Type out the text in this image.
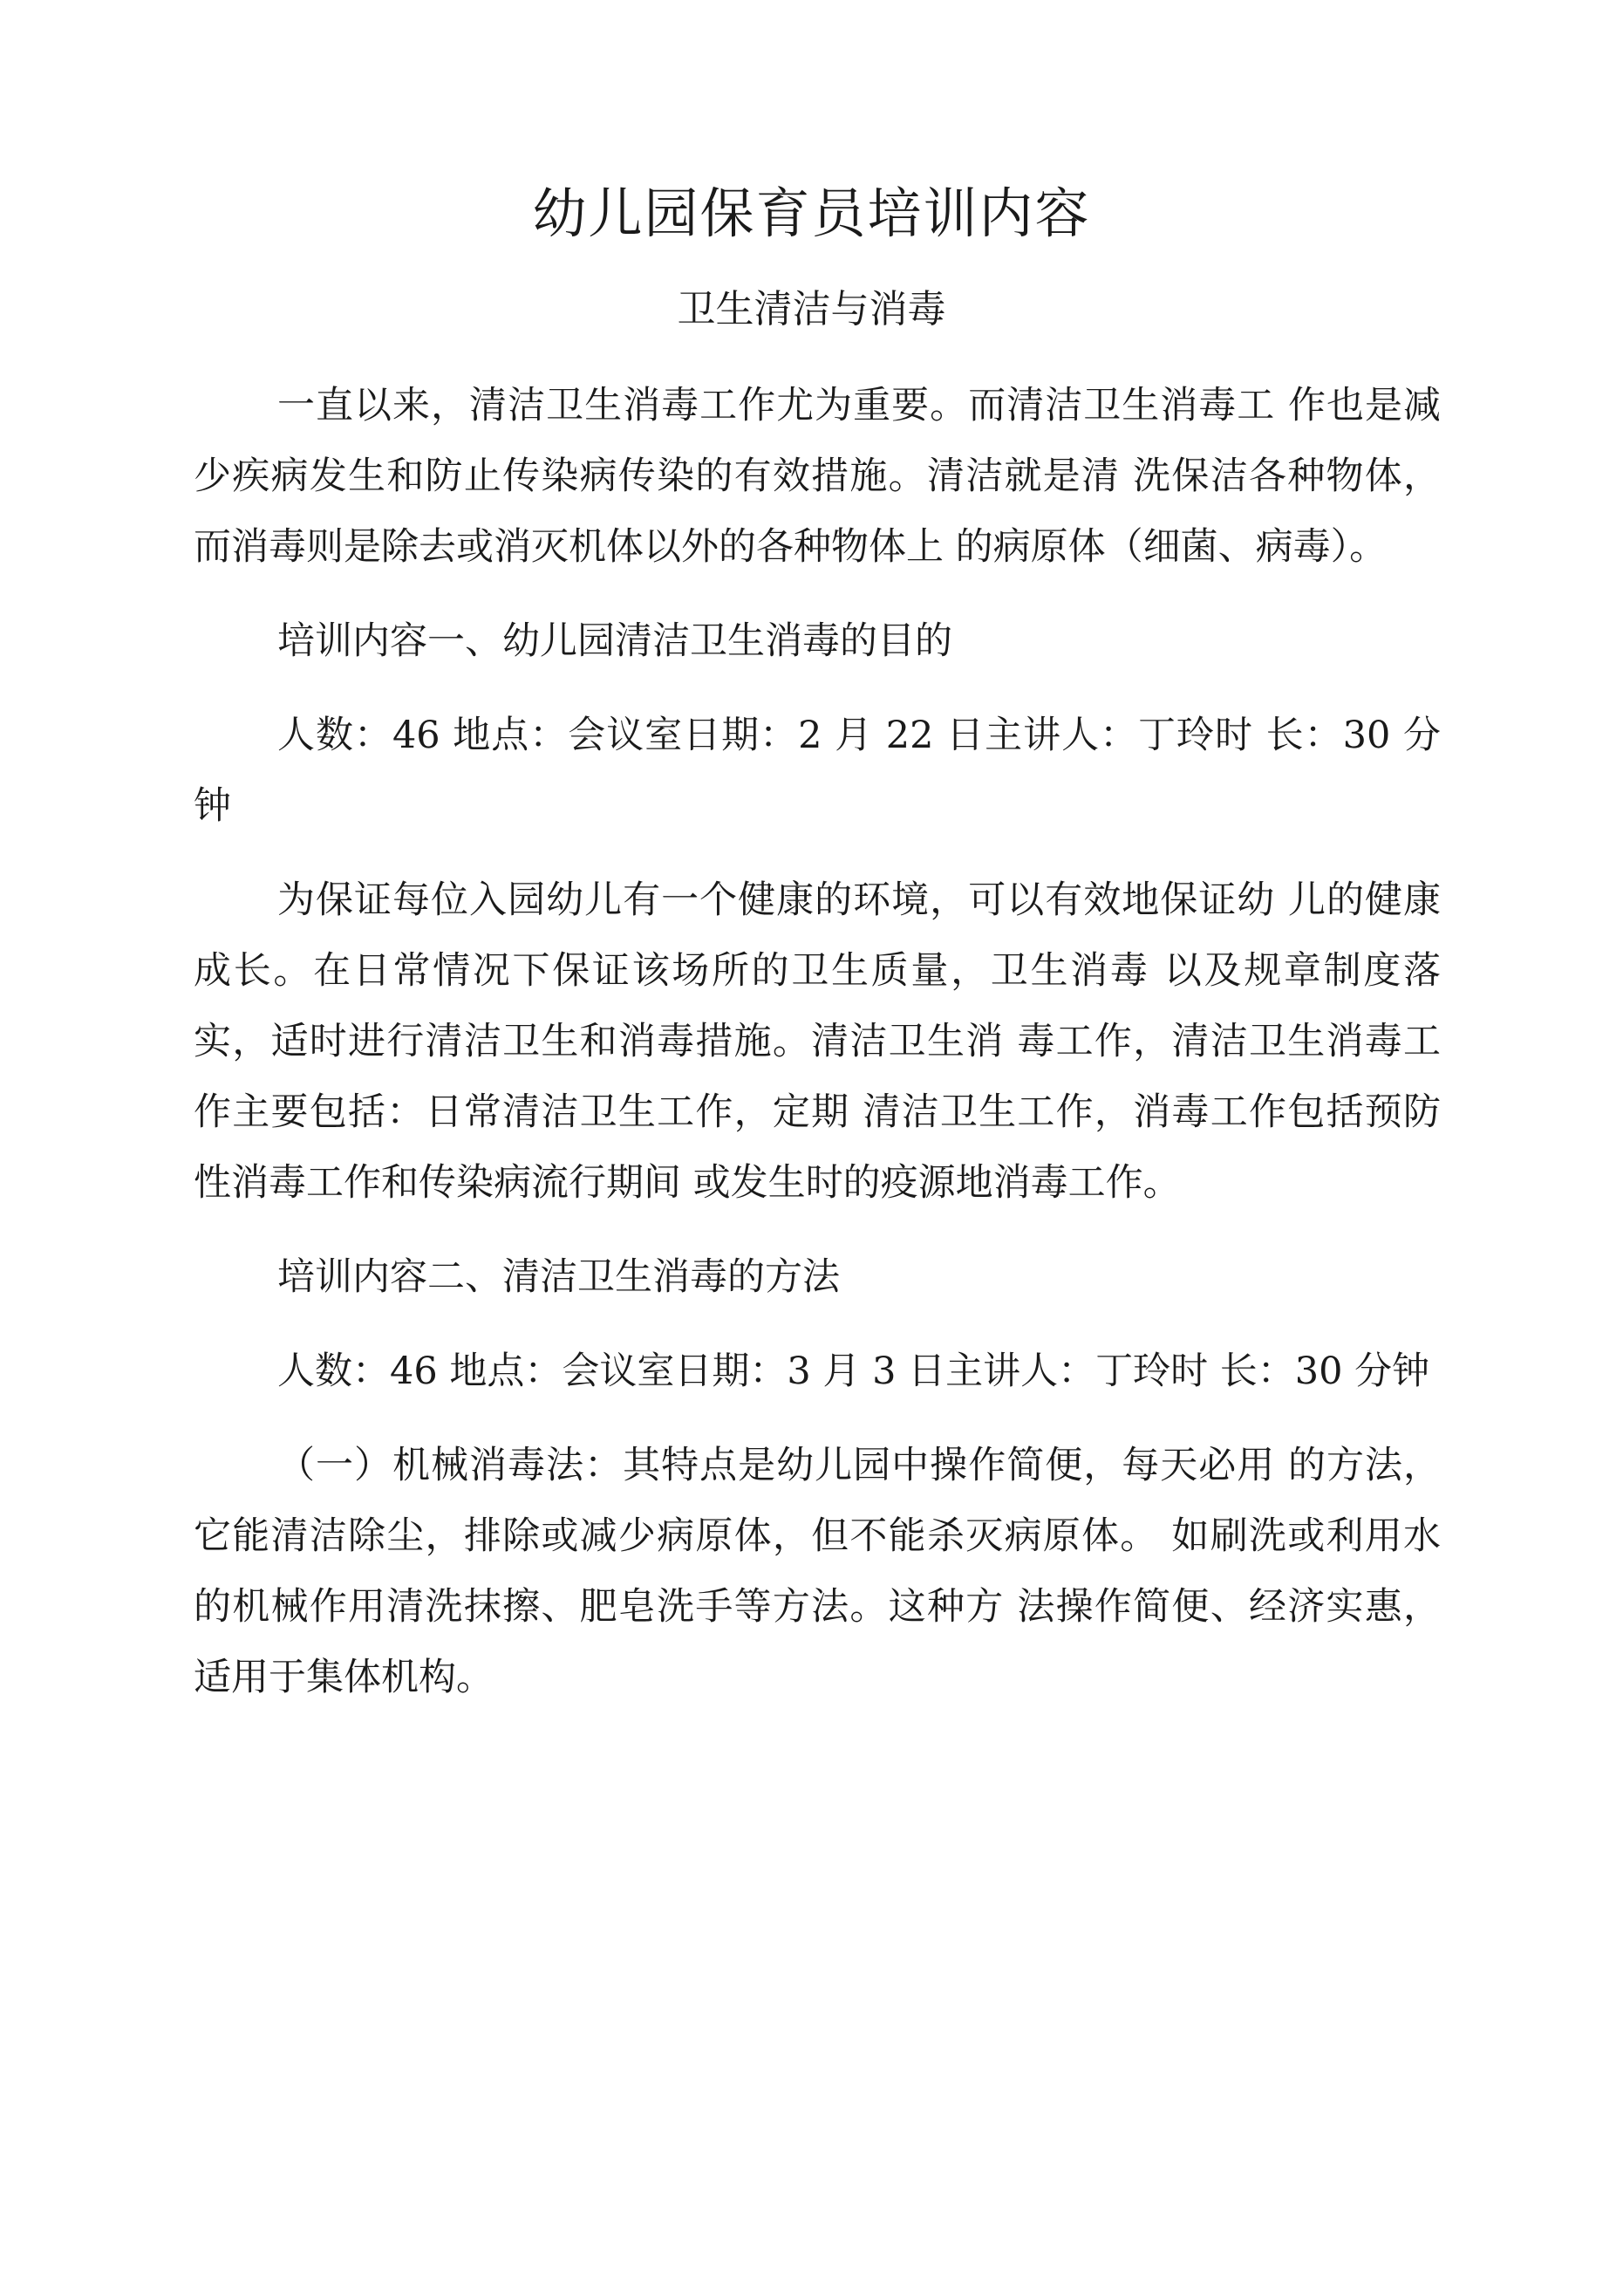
幼儿园保育员培训内容
卫生清洁与消毒

一直以来，清洁卫生消毒工作尤为重要。而清洁卫生消毒工 作也是减少疾病发生和防止传染病传染的有效措施。清洁就是清 洗保洁各种物体，而消毒则是除去或消灭机体以外的各种物体上 的病原体（细菌、病毒）。

培训内容一、幼儿园清洁卫生消毒的目的

人数：46 地点：会议室日期：2 月 22 日主讲人：丁玲时 长：30 分钟

为保证每位入园幼儿有一个健康的环境，可以有效地保证幼 儿的健康成长。在日常情况下保证该场所的卫生质量，卫生消毒 以及规章制度落实，适时进行清洁卫生和消毒措施。清洁卫生消 毒工作，清洁卫生消毒工作主要包括：日常清洁卫生工作，定期 清洁卫生工作，消毒工作包括预防性消毒工作和传染病流行期间 或发生时的疫源地消毒工作。

培训内容二、清洁卫生消毒的方法

人数：46 地点：会议室日期：3 月 3 日主讲人：丁玲时 长：30 分钟

（一）机械消毒法：其特点是幼儿园中操作简便，每天必用 的方法，它能清洁除尘，排除或减少病原体，但不能杀灭病原体。 如刷洗或利用水的机械作用清洗抹擦、肥皂洗手等方法。这种方 法操作简便、经济实惠，适用于集体机构。
